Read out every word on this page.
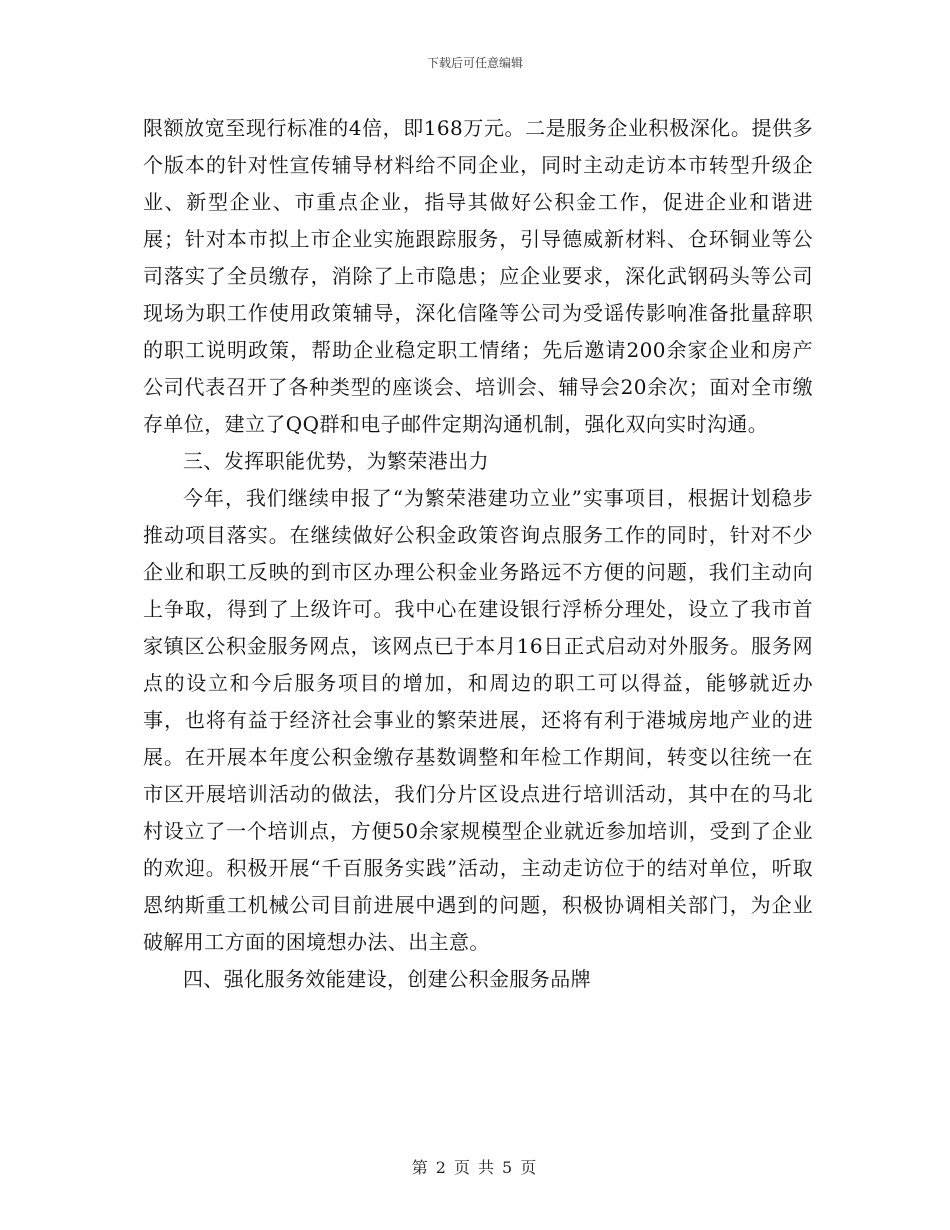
下载后可任意编辑

限额放宽至现行标准的4倍，即168万元。二是服务企业积极深化。提供多个版本的针对性宣传辅导材料给不同企业，同时主动走访本市转型升级企业、新型企业、市重点企业，指导其做好公积金工作，促进企业和谐进展；针对本市拟上市企业实施跟踪服务，引导德威新材料、仓环铜业等公司落实了全员缴存，消除了上市隐患；应企业要求，深化武钢码头等公司现场为职工作使用政策辅导，深化信隆等公司为受谣传影响准备批量辞职的职工说明政策，帮助企业稳定职工情绪；先后邀请200余家企业和房产公司代表召开了各种类型的座谈会、培训会、辅导会20余次；面对全市缴存单位，建立了QQ群和电子邮件定期沟通机制，强化双向实时沟通。

三、发挥职能优势，为繁荣港出力

今年，我们继续申报了“为繁荣港建功立业”实事项目，根据计划稳步推动项目落实。在继续做好公积金政策咨询点服务工作的同时，针对不少企业和职工反映的到市区办理公积金业务路远不方便的问题，我们主动向上争取，得到了上级许可。我中心在建设银行浮桥分理处，设立了我市首家镇区公积金服务网点，该网点已于本月16日正式启动对外服务。服务网点的设立和今后服务项目的增加，和周边的职工可以得益，能够就近办事，也将有益于经济社会事业的繁荣进展，还将有利于港城房地产业的进展。在开展本年度公积金缴存基数调整和年检工作期间，转变以往统一在市区开展培训活动的做法，我们分片区设点进行培训活动，其中在的马北村设立了一个培训点，方便50余家规模型企业就近参加培训，受到了企业的欢迎。积极开展“千百服务实践”活动，主动走访位于的结对单位，听取恩纳斯重工机械公司目前进展中遇到的问题，积极协调相关部门，为企业破解用工方面的困境想办法、出主意。

四、强化服务效能建设，创建公积金服务品牌

第 2 页 共 5 页
